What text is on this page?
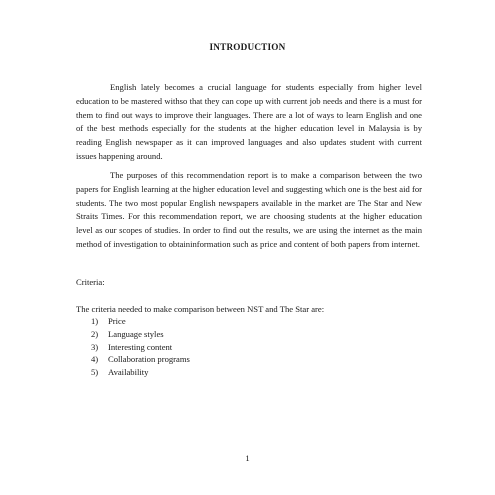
INTRODUCTION

English lately becomes a crucial language for students especially from higher level education to be mastered withso that they can cope up with current job needs and there is a must for them to find out ways to improve their languages. There are a lot of ways to learn English and one of the best methods especially for the students at the higher education level in Malaysia is by reading English newspaper as it can improved languages and also updates student with current issues happening around.

The purposes of this recommendation report is to make a comparison between the two papers for English learning at the higher education level and suggesting which one is the best aid for students. The two most popular English newspapers available in the market are The Star and New Straits Times. For this recommendation report, we are choosing students at the higher education level as our scopes of studies. In order to find out the results, we are using the internet as the main method of investigation to obtaininformation such as price and content of both papers from internet.

Criteria:

The criteria needed to make comparison between NST and The Star are:

1)	Price
2)	Language styles
3)	Interesting content
4)	Collaboration programs
5)	Availability
1
